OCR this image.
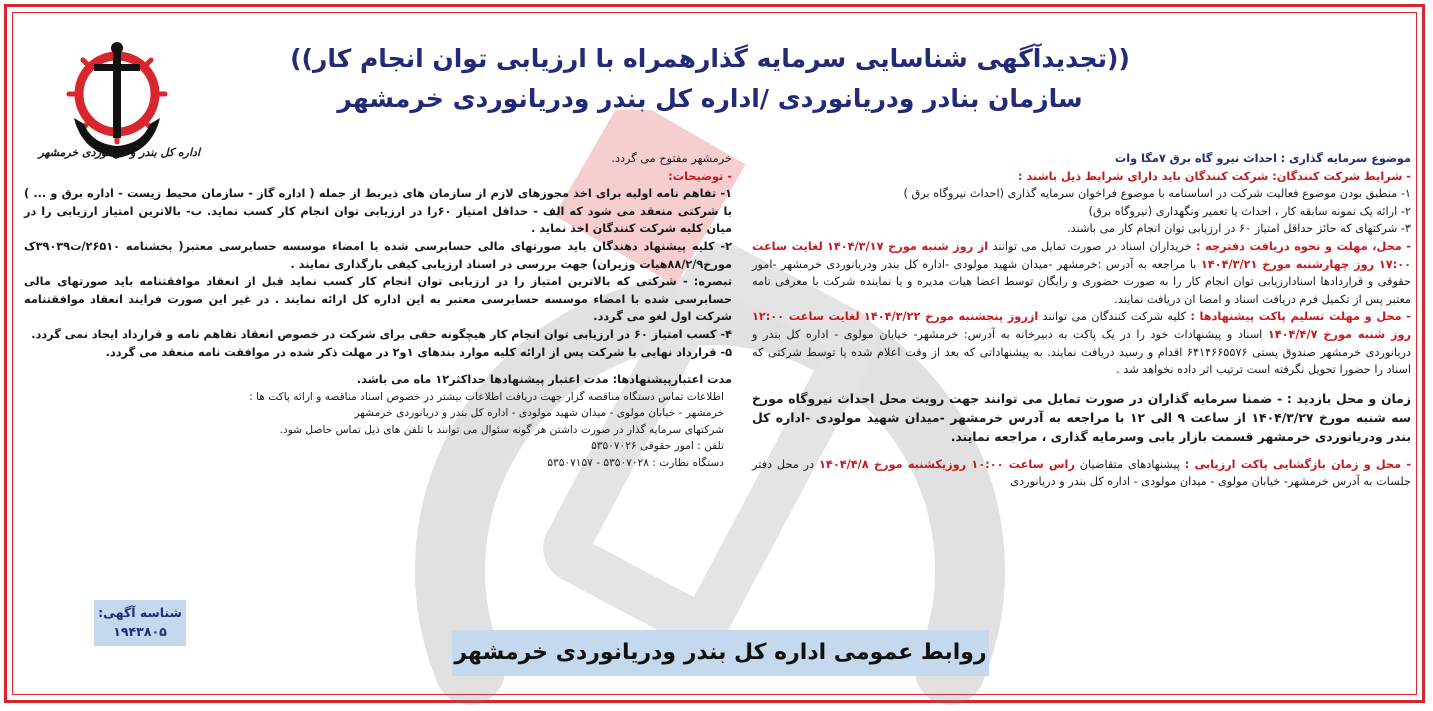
اداره کل بندر و دریانوردی خرمشهر
((تجدیدآگهی شناسایی سرمایه گذارهمراه با ارزیابی توان انجام کار))
سازمان بنادر ودریانوردی /اداره کل بندر ودریانوردی خرمشهر

موضوع سرمایه گذاری : احداث نیرو گاه برق ۷مگا وات

- شرایط شرکت کنندگان: شرکت کنندگان باید دارای شرایط ذیل باشند :

۱- منطبق بودن موضوع فعالیت شرکت در اساسنامه با موضوع فراخوان سرمایه گذاری (احداث نیروگاه برق )

۲- ارائه یک نمونه سابقه کار ، احداث یا تعمیر ونگهداری (نیروگاه برق)

۳- شرکتهای که حائز حداقل امتیاز ۶۰ در ارزیابی توان انجام کار می باشند.

- محل، مهلت و نحوه دریافت دفترچه : خریداران اسناد در صورت تمایل می توانند از روز شنبه مورخ ۱۴۰۴/۳/۱۷ لغایت ساعت ۱۷:۰۰ روز چهارشنبه مورخ ۱۴۰۴/۳/۲۱ با مراجعه به آدرس :خرمشهر -میدان شهید مولودی -اداره کل بندر ودریانوردی خرمشهر -امور حقوقی و قراردادها اسنادارزیابی توان انجام کار را به صورت حضوری و رایگان توسط اعضا هیات مدیره و یا نماینده شرکت با معرفی نامه معتبر پس از تکمیل فرم دریافت اسناد و امضا ان دریافت نمایند.

- محل و مهلت تسلیم پاکت پیشنهادها : کلیه شرکت کنندگان می توانند ازروز پنجشنبه مورخ ۱۴۰۴/۳/۲۲ لغایت ساعت ۱۲:۰۰ روز شنبه مورخ ۱۴۰۴/۴/۷ اسناد و پیشنهادات خود را در یک پاکت به دبیرخانه به آدرس: خرمشهر- خیابان مولوی - اداره کل بندر و دریانوردی خرمشهر صندوق پستی ۶۴۱۴۶۶۵۵۷۶ اقدام و رسید دریافت نمایند. به پیشنهاداتی که بعد از وقت اعلام شده یا توسط شرکتی که اسناد را حضورا تحویل نگرفته است ترتیب اثر داده نخواهد شد .

زمان و محل بازدید : - ضمنا سرمایه گذاران در صورت تمایل می توانند جهت رویت محل احداث نیروگاه مورخ سه شنبه مورخ ۱۴۰۴/۳/۲۷ از ساعت ۹ الی ۱۲ با مراجعه به آدرس خرمشهر -میدان شهید مولودی -اداره کل بندر ودریانوردی خرمشهر قسمت بازار یابی وسرمایه گذاری ، مراجعه نمایند.

- محل و زمان بازگشایی پاکت ارزیابی : پیشنهادهای متقاضیان راس ساعت ۱۰:۰۰ روزیکشنبه مورخ ۱۴۰۴/۴/۸ در محل دفتر جلسات به آدرس خرمشهر- خیابان مولوی - میدان مولودی - اداره کل بندر و دریانوردی

خرمشهر مفتوح می گردد.

- توضیحات:

۱- تفاهم نامه اولیه برای اخذ مجوزهای لازم از سازمان های ذیربط از جمله ( اداره گاز - سازمان محیط زیست - اداره برق و ... ) با شرکتی منعقد می شود که الف - حداقل امتیاز ۶۰را در ارزیابی توان انجام کار کسب نماید. ب- بالاترین امتیاز ارزیابی را در میان کلیه شرکت کنندگان اخذ نماید .

۲- کلیه پیشنهاد دهندگان باید صورتهای مالی حسابرسی شده با امضاء موسسه حسابرسی معتبر( بخشنامه ۲۶۵۱۰/ت۳۹۰۳۹ک مورخ۸۸/۲/۹هیات وزیران) جهت بررسی در اسناد ارزیابی کیفی بارگذاری نمایند .

تبصره: - شرکتی که بالاترین امتیاز را در ارزیابی توان انجام کار کسب نماید قبل از انعقاد موافقتنامه باید صورتهای مالی حسابرسی شده با امضاء موسسه حسابرسی معتبر به این اداره کل ارائه نمایند . در غیر این صورت فرایند انعقاد موافقتنامه شرکت اول لغو می گردد.

۴- کسب امتیاز ۶۰ در ارزیابی توان انجام کار هیچگونه حقی برای شرکت در خصوص انعقاد تفاهم نامه و قرارداد ایجاد نمی گردد.

۵- قرارداد نهایی با شرکت پس از ارائه کلیه موارد بندهای ۱و۲ در مهلت ذکر شده در موافقت نامه منعقد می گردد.

مدت اعتبارپیشنهادها: مدت اعتبار پیشنهادها حداکثر۱۲ ماه می باشد.

اطلاعات تماس دستگاه مناقصه گزار جهت دریافت اطلاعات بیشتر در خصوص اسناد مناقصه و ارائه پاکت ها :

خرمشهر - خیابان مولوی - میدان شهید مولودی - اداره کل بندر و دریانوردی خرمشهر

شرکتهای سرمایه گذار در صورت داشتن هر گونه سئوال می توانند با تلفن های ذیل تماس حاصل شود.

تلفن : امور حقوقی ۵۳۵۰۷۰۲۶

دستگاه نظارت : ۵۳۵۰۷۰۲۸ - ۵۳۵۰۷۱۵۷

شناسه آگهی:
۱۹۴۳۸۰۵
روابط عمومی اداره کل بندر ودریانوردی خرمشهر
